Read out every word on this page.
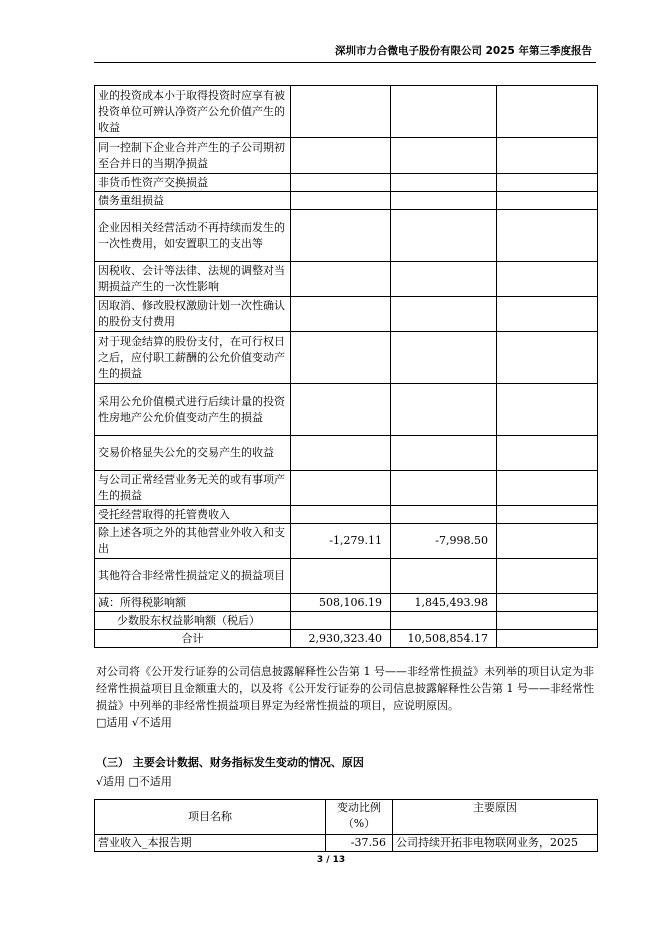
深圳市力合微电子股份有限公司 2025 年第三季度报告
业的投资成本小于取得投资时应享有被投资单位可辨认净资产公允价值产生的收益			
同一控制下企业合并产生的子公司期初至合并日的当期净损益			
非货币性资产交换损益			
债务重组损益			
企业因相关经营活动不再持续而发生的一次性费用，如安置职工的支出等			
因税收、会计等法律、法规的调整对当期损益产生的一次性影响			
因取消、修改股权激励计划一次性确认的股份支付费用			
对于现金结算的股份支付，在可行权日之后，应付职工薪酬的公允价值变动产生的损益			
采用公允价值模式进行后续计量的投资性房地产公允价值变动产生的损益			
交易价格显失公允的交易产生的收益			
与公司正常经营业务无关的或有事项产生的损益			
受托经营取得的托管费收入			
除上述各项之外的其他营业外收入和支出	-1,279.11	-7,998.50	
其他符合非经常性损益定义的损益项目			
减：所得税影响额	508,106.19	1,845,493.98	
少数股东权益影响额（税后）			
合计	2,930,323.40	10,508,854.17	
对公司将《公开发行证券的公司信息披露解释性公告第 1 号——非经常性损益》未列举的项目认定为非经常性损益项目且金额重大的，以及将《公开发行证券的公司信息披露解释性公告第 1 号——非经常性损益》中列举的非经常性损益项目界定为经常性损益的项目，应说明原因。
□适用 √不适用
（三） 主要会计数据、财务指标发生变动的情况、原因
√适用 □不适用
项目名称	变动比例（%）	主要原因
营业收入_本报告期	-37.56	公司持续开拓非电物联网业务，2025
3 / 13
